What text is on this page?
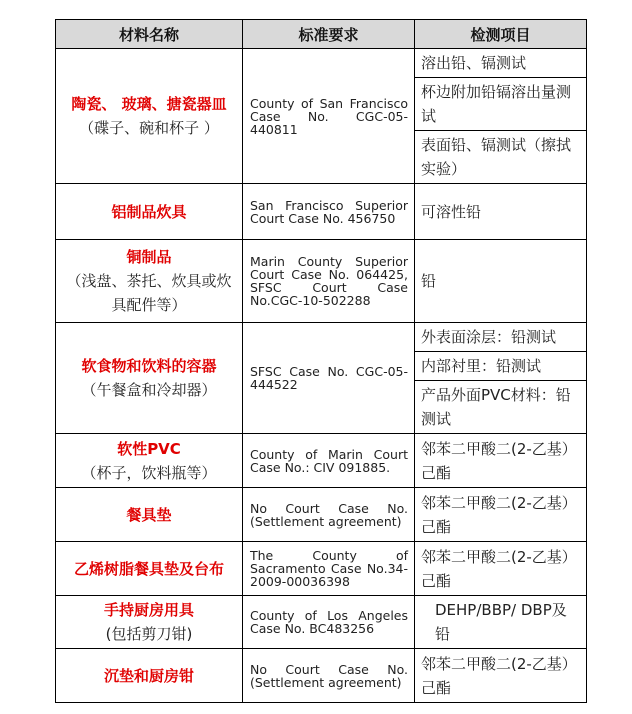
材料名称	标准要求	检测项目

陶瓷、 玻璃、搪瓷器皿
（碟子、碗和杯子 ）	County of San Francisco Case No. CGC-05-440811	溶出铅、镉测试
		杯边附加铅镉溶出量测试
		表面铅、镉测试（擦拭实验）

铝制品炊具	San Francisco Superior Court Case No. 456750	可溶性铅

铜制品
（浅盘、茶托、炊具或炊具配件等）	Marin County Superior Court Case No. 064425, SFSC Court Case No.CGC-10-502288	铅

软食物和饮料的容器
（午餐盒和冷却器）	SFSC Case No. CGC-05-444522	外表面涂层：铅测试
		内部衬里：铅测试
		产品外面PVC材料：铅测试

软性PVC
（杯子，饮料瓶等）	County of Marin Court Case No.: CIV 091885.	邻苯二甲酸二(2-乙基）己酯

餐具垫	No Court Case No. (Settlement agreement)	邻苯二甲酸二(2-乙基）己酯

乙烯树脂餐具垫及台布	The County of Sacramento Case No.34-2009-00036398	邻苯二甲酸二(2-乙基）己酯

手持厨房用具
(包括剪刀钳)	County of Los Angeles Case No. BC483256	DEHP/BBP/ DBP及铅

沉垫和厨房钳	No Court Case No. (Settlement agreement)	邻苯二甲酸二(2-乙基）己酯
